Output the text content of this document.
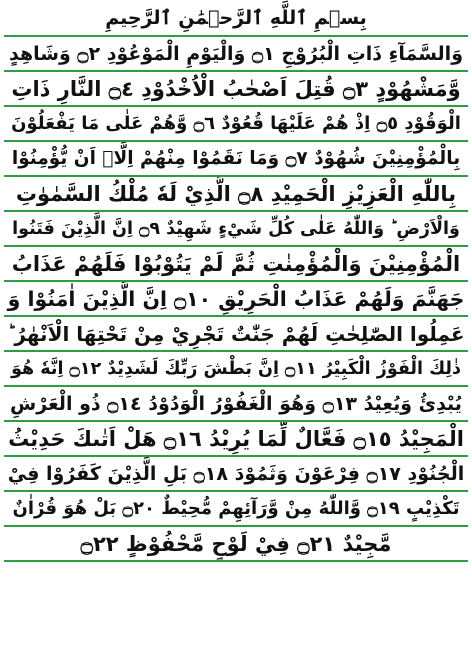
بِسۡمِ ٱللَّهِ ٱلرَّحۡمَٰنِ ٱلرَّحِيمِ
وَالسَّمَآءِ ذَاتِ الْبُرُوْجِ ۝١ وَالْيَوْمِ الْمَوْعُوْدِ ۝٢ وَشَاهِدٍ
وَّمَشْهُوْدٍ ۝٣ قُتِلَ اَصْحٰبُ الْاُخْدُوْدِ ۝٤ النَّارِ ذَاتِ
الْوَقُوْدِ ۝٥ اِذْ هُمْ عَلَيْهَا قُعُوْدٌ ۝٦ وَّهُمْ عَلٰى مَا يَفْعَلُوْنَ
بِالْمُؤْمِنِيْنَ شُهُوْدٌ ۝٧ وَمَا نَقَمُوْا مِنْهُمْ اِلَّاۤ اَنْ يُّؤْمِنُوْا
بِاللّٰهِ الْعَزِيْزِ الْحَمِيْدِ ۝٨ الَّذِيْ لَهٗ مُلْكُ السَّمٰوٰتِ
وَالْاَرْضِ ؕ وَاللّٰهُ عَلٰى كُلِّ شَيْءٍ شَهِيْدٌ ۝٩ اِنَّ الَّذِيْنَ فَتَنُوا
الْمُؤْمِنِيْنَ وَالْمُؤْمِنٰتِ ثُمَّ لَمْ يَتُوْبُوْا فَلَهُمْ عَذَابُ
جَهَنَّمَ وَلَهُمْ عَذَابُ الْحَرِيْقِ ۝١٠ اِنَّ الَّذِيْنَ اٰمَنُوْا وَ
عَمِلُوا الصّٰلِحٰتِ لَهُمْ جَنّٰتٌ تَجْرِيْ مِنْ تَحْتِهَا الْاَنْهٰرُ ؕ
ذٰلِكَ الْفَوْزُ الْكَبِيْرُ ۝١١ اِنَّ بَطْشَ رَبِّكَ لَشَدِيْدٌ ۝١٢ اِنَّهٗ هُوَ
يُبْدِئُ وَيُعِيْدُ ۝١٣ وَهُوَ الْغَفُوْرُ الْوَدُوْدُ ۝١٤ ذُو الْعَرْشِ
الْمَجِيْدُ ۝١٥ فَعَّالٌ لِّمَا يُرِيْدُ ۝١٦ هَلْ اَتٰىكَ حَدِيْثُ
الْجُنُوْدِ ۝١٧ فِرْعَوْنَ وَثَمُوْدَ ۝١٨ بَلِ الَّذِيْنَ كَفَرُوْا فِيْ
تَكْذِيْبٍ ۝١٩ وَّاللّٰهُ مِنْ وَّرَآئِهِمْ مُّحِيْطٌ ۝٢٠ بَلْ هُوَ قُرْاٰنٌ
مَّجِيْدٌ ۝٢١ فِيْ لَوْحٍ مَّحْفُوْظٍ ۝٢٢
